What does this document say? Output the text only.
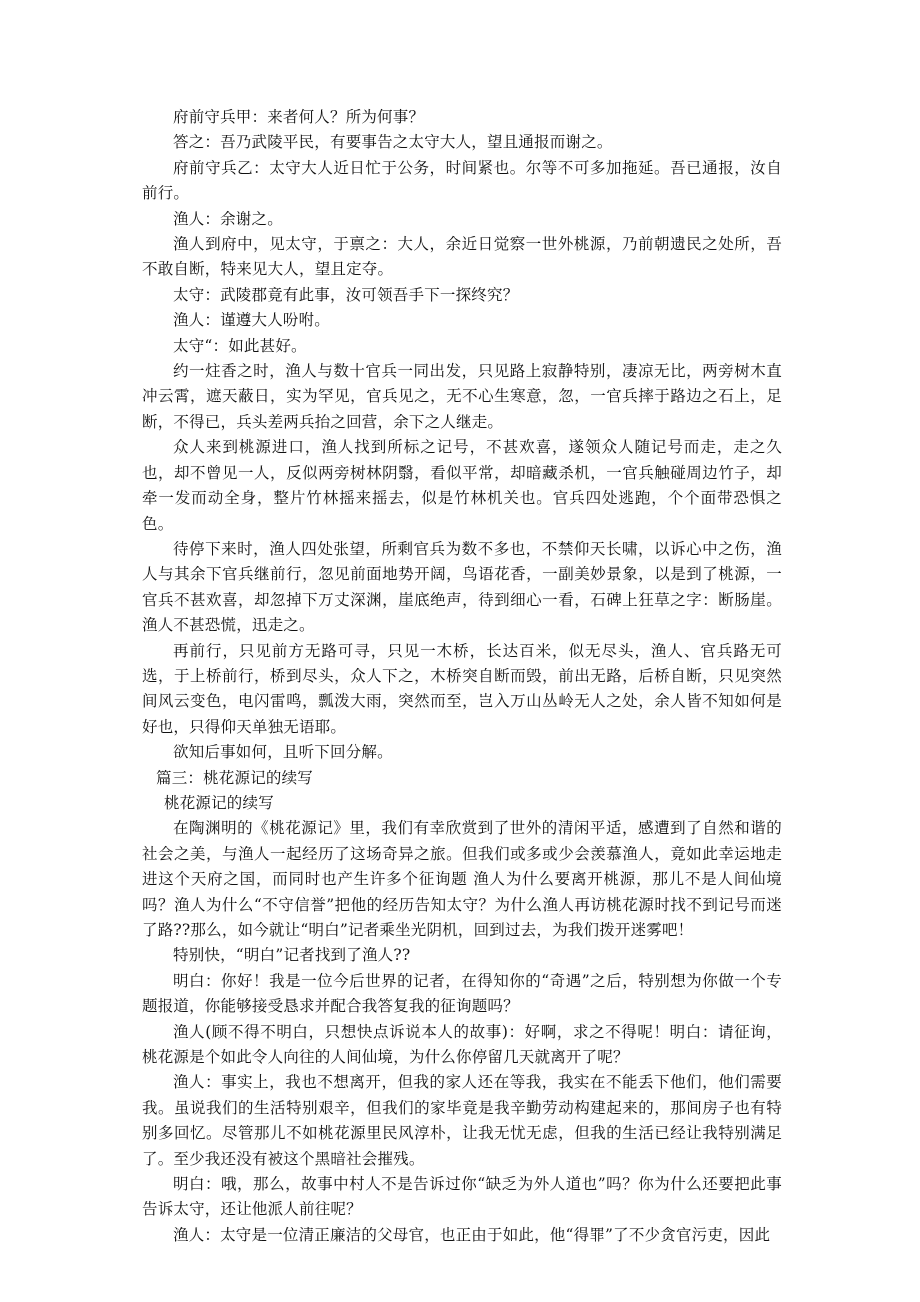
府前守兵甲：来者何人？所为何事？

答之：吾乃武陵平民，有要事告之太守大人，望且通报而谢之。

府前守兵乙：太守大人近日忙于公务，时间紧也。尔等不可多加拖延。吾已通报，汝自前行。

渔人：余谢之。

渔人到府中，见太守，于禀之：大人，余近日觉察一世外桃源，乃前朝遗民之处所，吾不敢自断，特来见大人，望且定夺。

太守：武陵郡竟有此事，汝可领吾手下一探终究？

渔人：谨遵大人吩咐。

太守“：如此甚好。

约一炷香之时，渔人与数十官兵一同出发，只见路上寂静特别，凄凉无比，两旁树木直冲云霄，遮天蔽日，实为罕见，官兵见之，无不心生寒意，忽，一官兵摔于路边之石上，足断，不得已，兵头差两兵抬之回营，余下之人继走。

众人来到桃源进口，渔人找到所标之记号，不甚欢喜，遂领众人随记号而走，走之久也，却不曾见一人，反似两旁树林阴翳，看似平常，却暗藏杀机，一官兵触碰周边竹子，却牵一发而动全身，整片竹林摇来摇去，似是竹林机关也。官兵四处逃跑，个个面带恐惧之色。

待停下来时，渔人四处张望，所剩官兵为数不多也，不禁仰天长啸，以诉心中之伤，渔人与其余下官兵继前行，忽见前面地势开阔，鸟语花香，一副美妙景象，以是到了桃源，一官兵不甚欢喜，却忽掉下万丈深渊，崖底绝声，待到细心一看，石碑上狂草之字：断肠崖。渔人不甚恐慌，迅走之。

再前行，只见前方无路可寻，只见一木桥，长达百米，似无尽头，渔人、官兵路无可选，于上桥前行，桥到尽头，众人下之，木桥突自断而毁，前出无路，后桥自断，只见突然间风云变色，电闪雷鸣，瓢泼大雨，突然而至，岂入万山丛岭无人之处，余人皆不知如何是好也，只得仰天单独无语耶。

欲知后事如何，且听下回分解。

篇三：桃花源记的续写

桃花源记的续写

在陶渊明的《桃花源记》里，我们有幸欣赏到了世外的清闲平适，感遭到了自然和谐的社会之美，与渔人一起经历了这场奇异之旅。但我们或多或少会羡慕渔人，竟如此幸运地走进这个天府之国，而同时也产生许多个征询题 渔人为什么要离开桃源，那儿不是人间仙境吗？渔人为什么“不守信誉”把他的经历告知太守？为什么渔人再访桃花源时找不到记号而迷了路??那么，如今就让“明白”记者乘坐光阴机，回到过去，为我们拨开迷雾吧！

特别快，“明白”记者找到了渔人??

明白：你好！我是一位今后世界的记者，在得知你的“奇遇”之后，特别想为你做一个专题报道，你能够接受恳求并配合我答复我的征询题吗？

渔人(顾不得不明白，只想快点诉说本人的故事)：好啊，求之不得呢！明白：请征询，桃花源是个如此令人向往的人间仙境，为什么你停留几天就离开了呢？

渔人：事实上，我也不想离开，但我的家人还在等我，我实在不能丢下他们，他们需要我。虽说我们的生活特别艰辛，但我们的家毕竟是我辛勤劳动构建起来的，那间房子也有特别多回忆。尽管那儿不如桃花源里民风淳朴，让我无忧无虑，但我的生活已经让我特别满足了。至少我还没有被这个黑暗社会摧残。

明白：哦，那么，故事中村人不是告诉过你“缺乏为外人道也”吗？你为什么还要把此事告诉太守，还让他派人前往呢？

渔人：太守是一位清正廉洁的父母官，也正由于如此，他“得罪”了不少贪官污吏，因此
